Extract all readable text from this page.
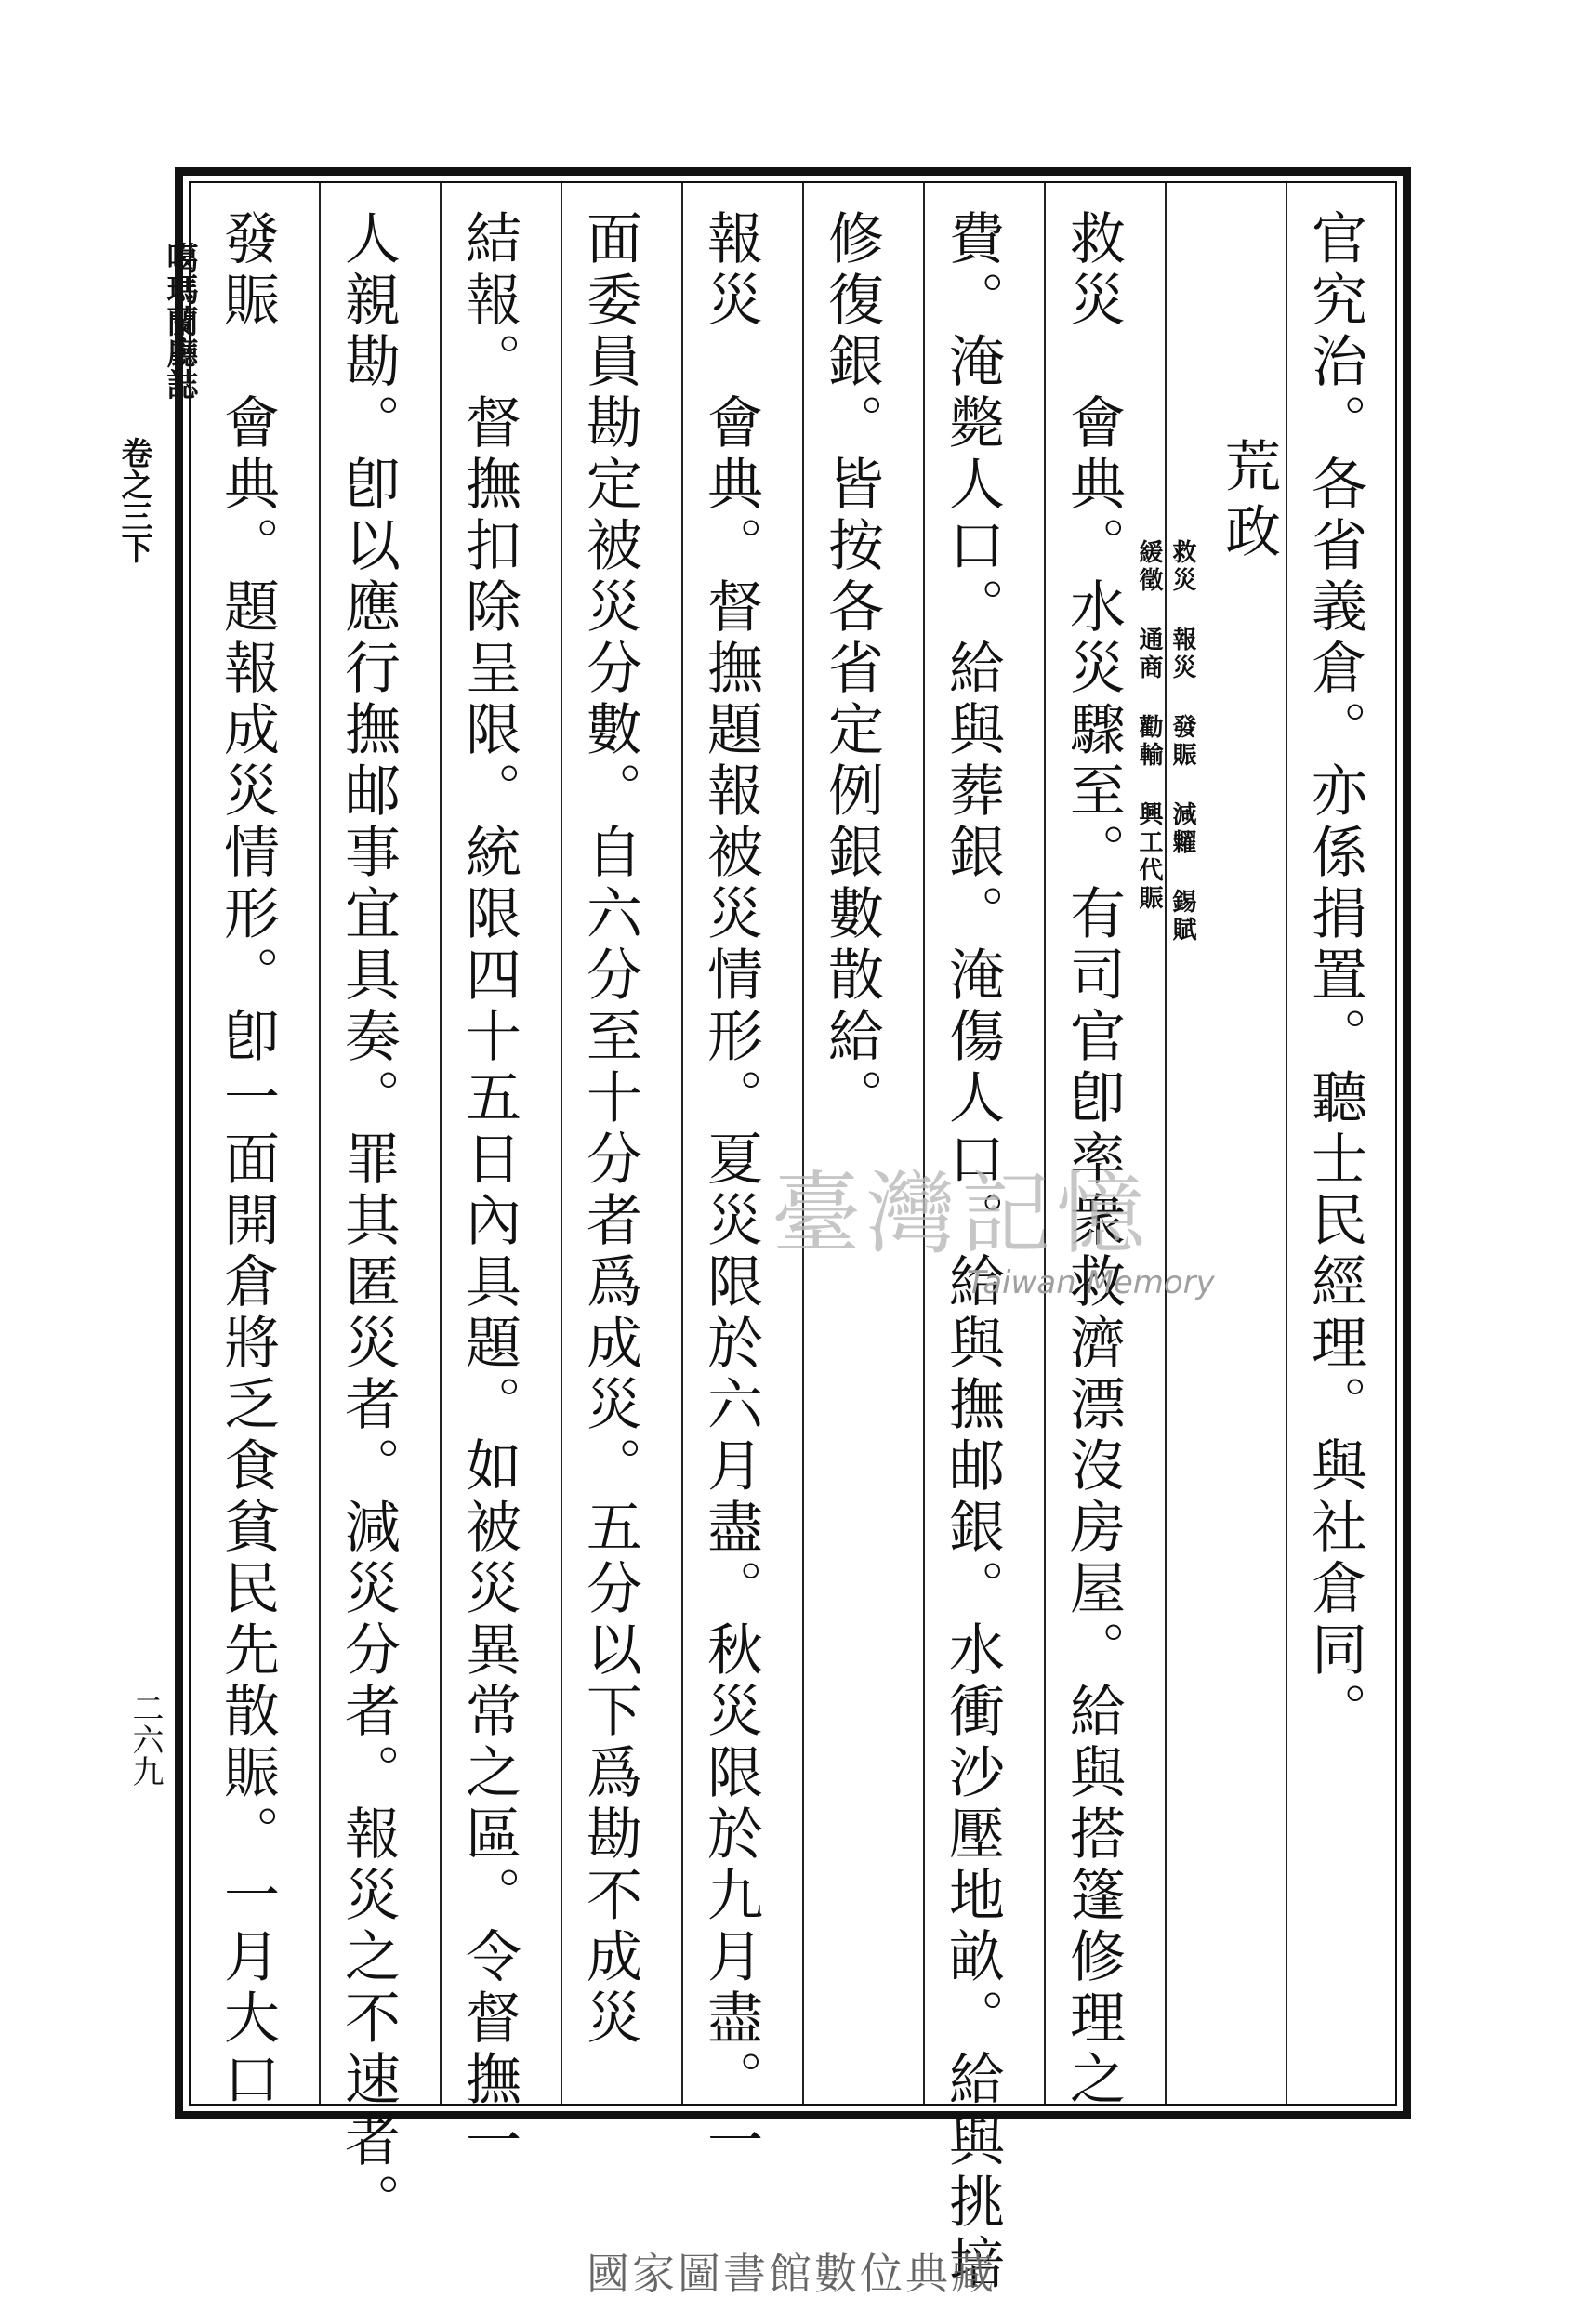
噶瑪蘭廳誌
卷之三下
二六九
荒政
救災 報災 發賑 減糶 錫賦
緩徵 通商 勸輸 興工代賑	官究治。各省義倉。亦係捐置。聽士民經理。與社倉同。
救災　會典。水災驟至。有司官卽率衆救濟漂沒房屋。給與搭篷修理之
費。淹斃人口。給與葬銀。淹傷人口。給與撫邮銀。水衝沙壓地畝。給與挑培
修復銀。皆按各省定例銀數散給。
報災　會典。督撫題報被災情形。夏災限於六月盡。秋災限於九月盡。一
面委員勘定被災分數。自六分至十分者爲成災。五分以下爲勘不成災
結報。督撫扣除呈限。統限四十五日內具題。如被災異常之區。令督撫一
人親勘。卽以應行撫邮事宜具奏。罪其匿災者。減災分者。報災之不速者。
發賑　會典。題報成災情形。卽一面開倉將乏食貧民先散賑。一月大口	臺灣記憶
Taiwan Memory
國家圖書館數位典藏
